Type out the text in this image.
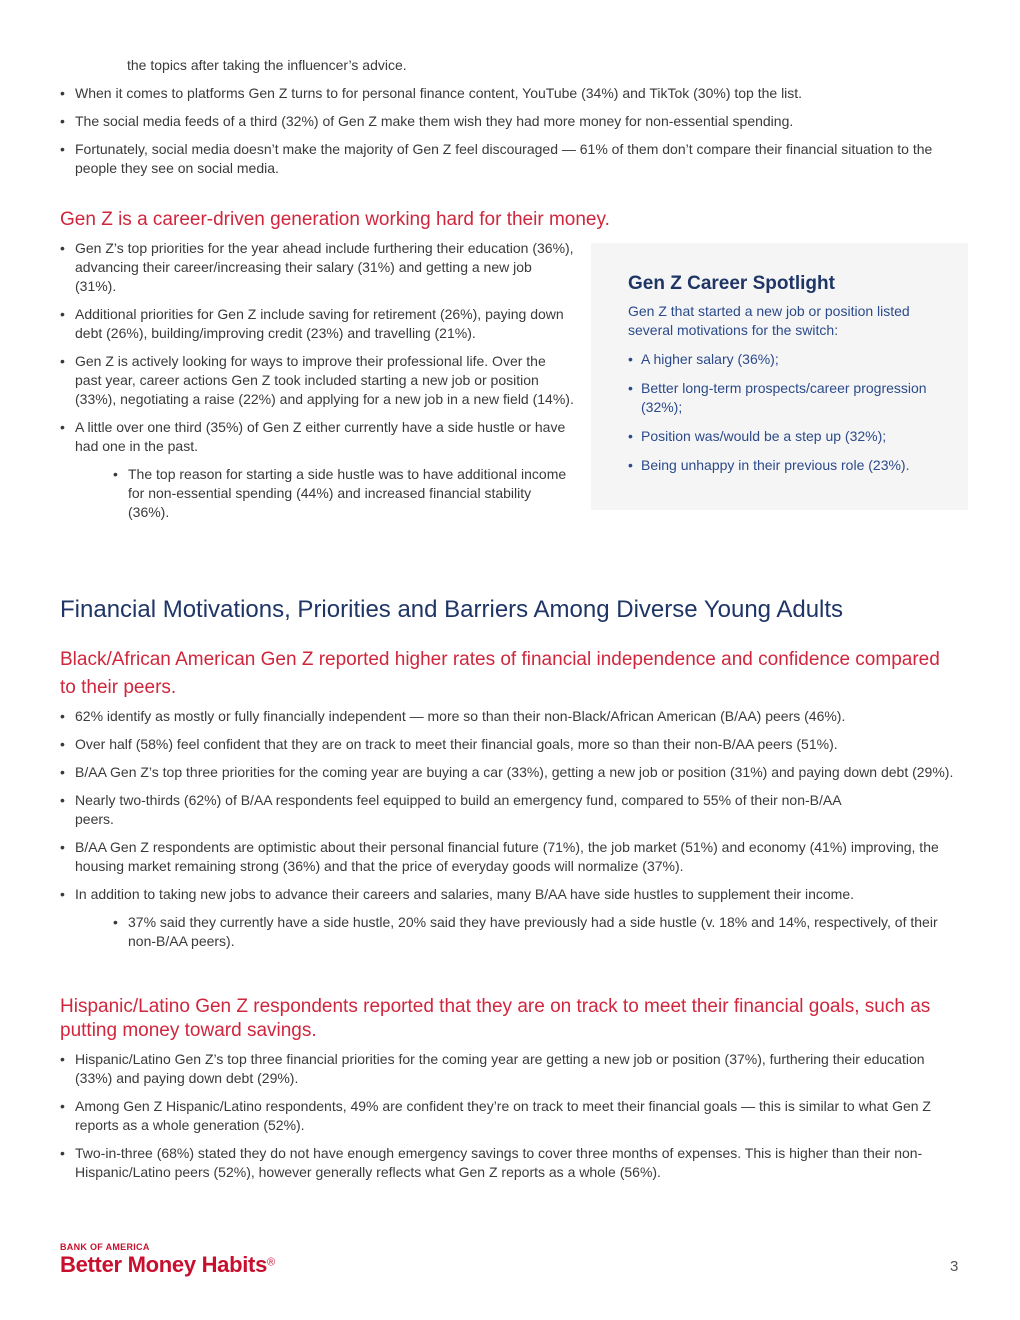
the topics after taking the influencer’s advice.
• When it comes to platforms Gen Z turns to for personal finance content, YouTube (34%) and TikTok (30%) top the list.
• The social media feeds of a third (32%) of Gen Z make them wish they had more money for non-essential spending.
• Fortunately, social media doesn’t make the majority of Gen Z feel discouraged — 61% of them don’t compare their financial situation to the people they see on social media.
Gen Z is a career-driven generation working hard for their money.
• Gen Z’s top priorities for the year ahead include furthering their education (36%), advancing their career/increasing their salary (31%) and getting a new job (31%).
• Additional priorities for Gen Z include saving for retirement (26%), paying down debt (26%), building/improving credit (23%) and travelling (21%).
• Gen Z is actively looking for ways to improve their professional life. Over the past year, career actions Gen Z took included starting a new job or position (33%), negotiating a raise (22%) and applying for a new job in a new field (14%).
• A little over one third (35%) of Gen Z either currently have a side hustle or have had one in the past.
• The top reason for starting a side hustle was to have additional income for non-essential spending (44%) and increased financial stability (36%).
Gen Z Career Spotlight
Gen Z that started a new job or position listed several motivations for the switch:
• A higher salary (36%);
• Better long-term prospects/career progression (32%);
• Position was/would be a step up (32%);
• Being unhappy in their previous role (23%).
Financial Motivations, Priorities and Barriers Among Diverse Young Adults
Black/African American Gen Z reported higher rates of financial independence and confidence compared to their peers.
• 62% identify as mostly or fully financially independent — more so than their non-Black/African American (B/AA) peers (46%).
• Over half (58%) feel confident that they are on track to meet their financial goals, more so than their non-B/AA peers (51%).
• B/AA Gen Z’s top three priorities for the coming year are buying a car (33%), getting a new job or position (31%) and paying down debt (29%).
• Nearly two-thirds (62%) of B/AA respondents feel equipped to build an emergency fund, compared to 55% of their non-B/AA peers.
• B/AA Gen Z respondents are optimistic about their personal financial future (71%), the job market (51%) and economy (41%) improving, the housing market remaining strong (36%) and that the price of everyday goods will normalize (37%).
• In addition to taking new jobs to advance their careers and salaries, many B/AA have side hustles to supplement their income.
• 37% said they currently have a side hustle, 20% said they have previously had a side hustle (v. 18% and 14%, respectively, of their non-B/AA peers).
Hispanic/Latino Gen Z respondents reported that they are on track to meet their financial goals, such as putting money toward savings.
• Hispanic/Latino Gen Z’s top three financial priorities for the coming year are getting a new job or position (37%), furthering their education (33%) and paying down debt (29%).
• Among Gen Z Hispanic/Latino respondents, 49% are confident they’re on track to meet their financial goals — this is similar to what Gen Z reports as a whole generation (52%).
• Two-in-three (68%) stated they do not have enough emergency savings to cover three months of expenses. This is higher than their non-Hispanic/Latino peers (52%), however generally reflects what Gen Z reports as a whole (56%).
BANK OF AMERICA
Better Money Habits®	3
